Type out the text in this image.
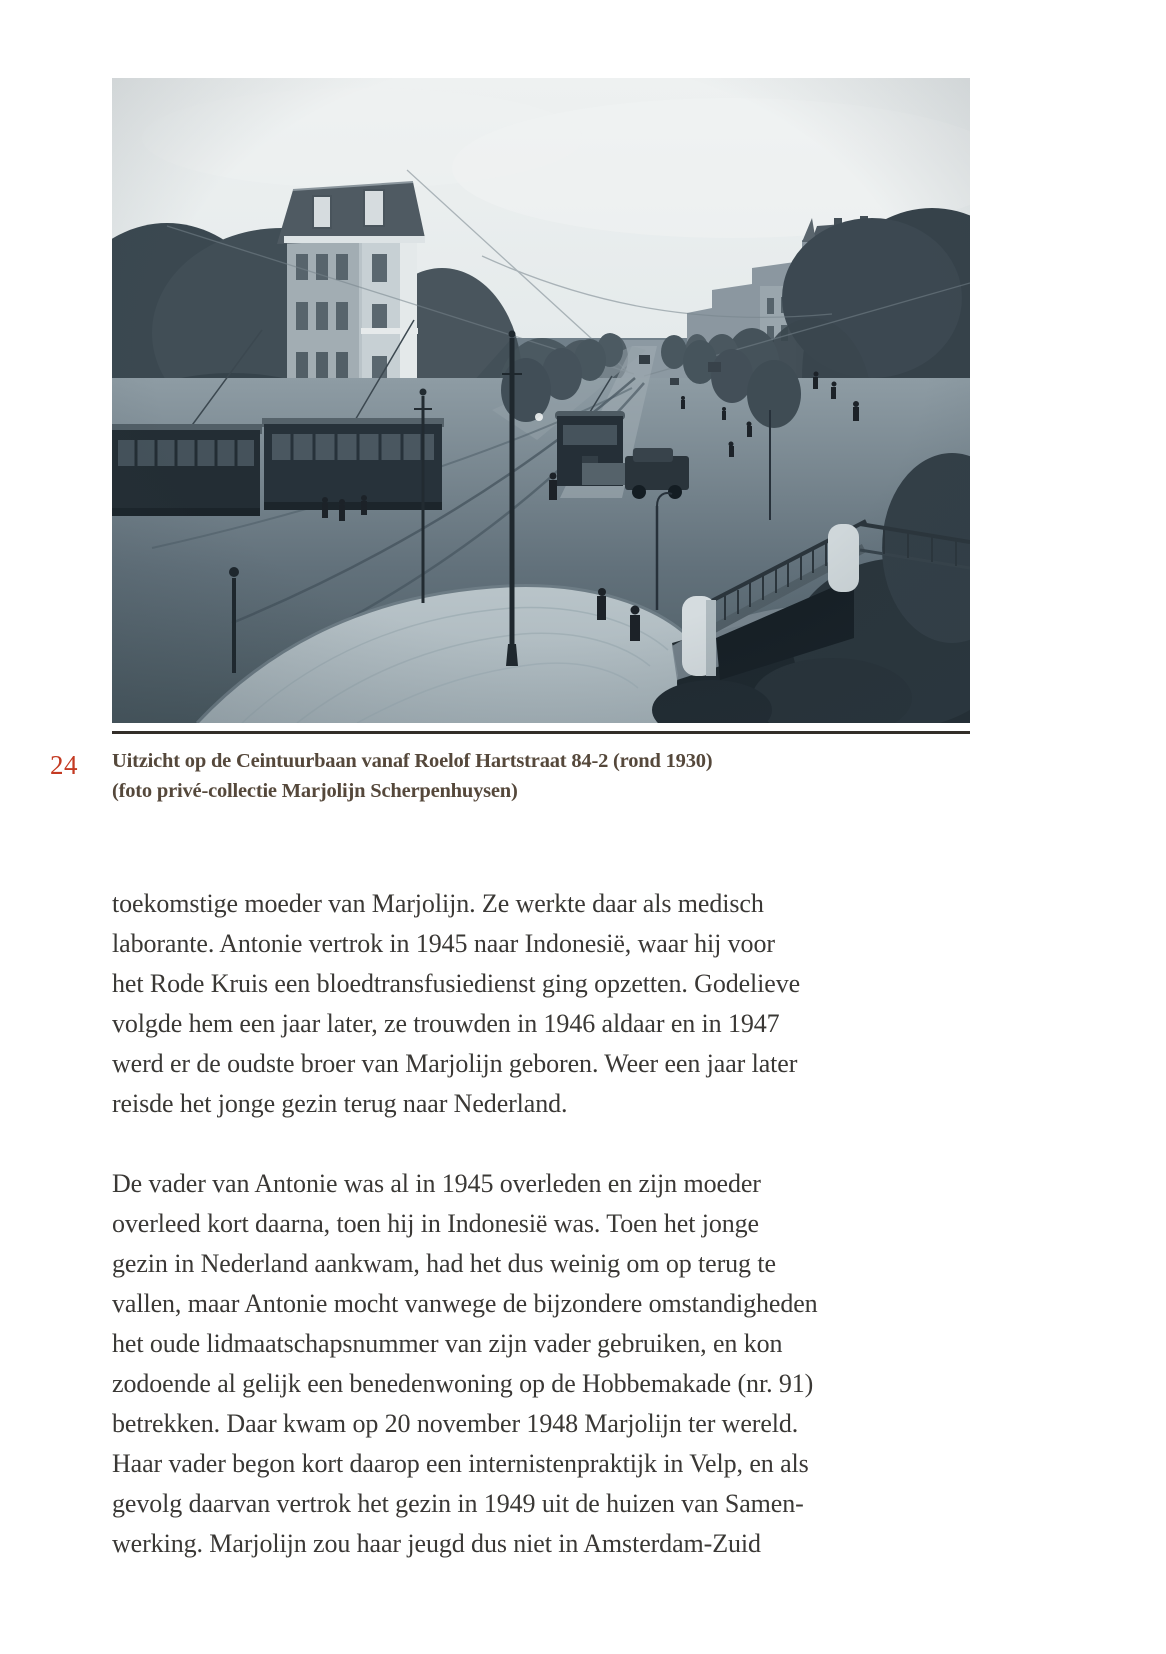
24 Uitzicht op de Ceintuurbaan vanaf Roelof Hartstraat 84-2 (rond 1930)
(foto privé-collectie Marjolijn Scherpenhuysen)

toekomstige moeder van Marjolijn. Ze werkte daar als medisch
laborante. Antonie vertrok in 1945 naar Indonesië, waar hij voor
het Rode Kruis een bloedtransfusiedienst ging opzetten. Godelieve
volgde hem een jaar later, ze trouwden in 1946 aldaar en in 1947
werd er de oudste broer van Marjolijn geboren. Weer een jaar later
reisde het jonge gezin terug naar Nederland.

De vader van Antonie was al in 1945 overleden en zijn moeder
overleed kort daarna, toen hij in Indonesië was. Toen het jonge
gezin in Nederland aankwam, had het dus weinig om op terug te
vallen, maar Antonie mocht vanwege de bijzondere omstandigheden
het oude lidmaatschapsnummer van zijn vader gebruiken, en kon
zodoende al gelijk een benedenwoning op de Hobbemakade (nr. 91)
betrekken. Daar kwam op 20 november 1948 Marjolijn ter wereld.
Haar vader begon kort daarop een internistenpraktijk in Velp, en als
gevolg daarvan vertrok het gezin in 1949 uit de huizen van Samen-
werking. Marjolijn zou haar jeugd dus niet in Amsterdam-Zuid
